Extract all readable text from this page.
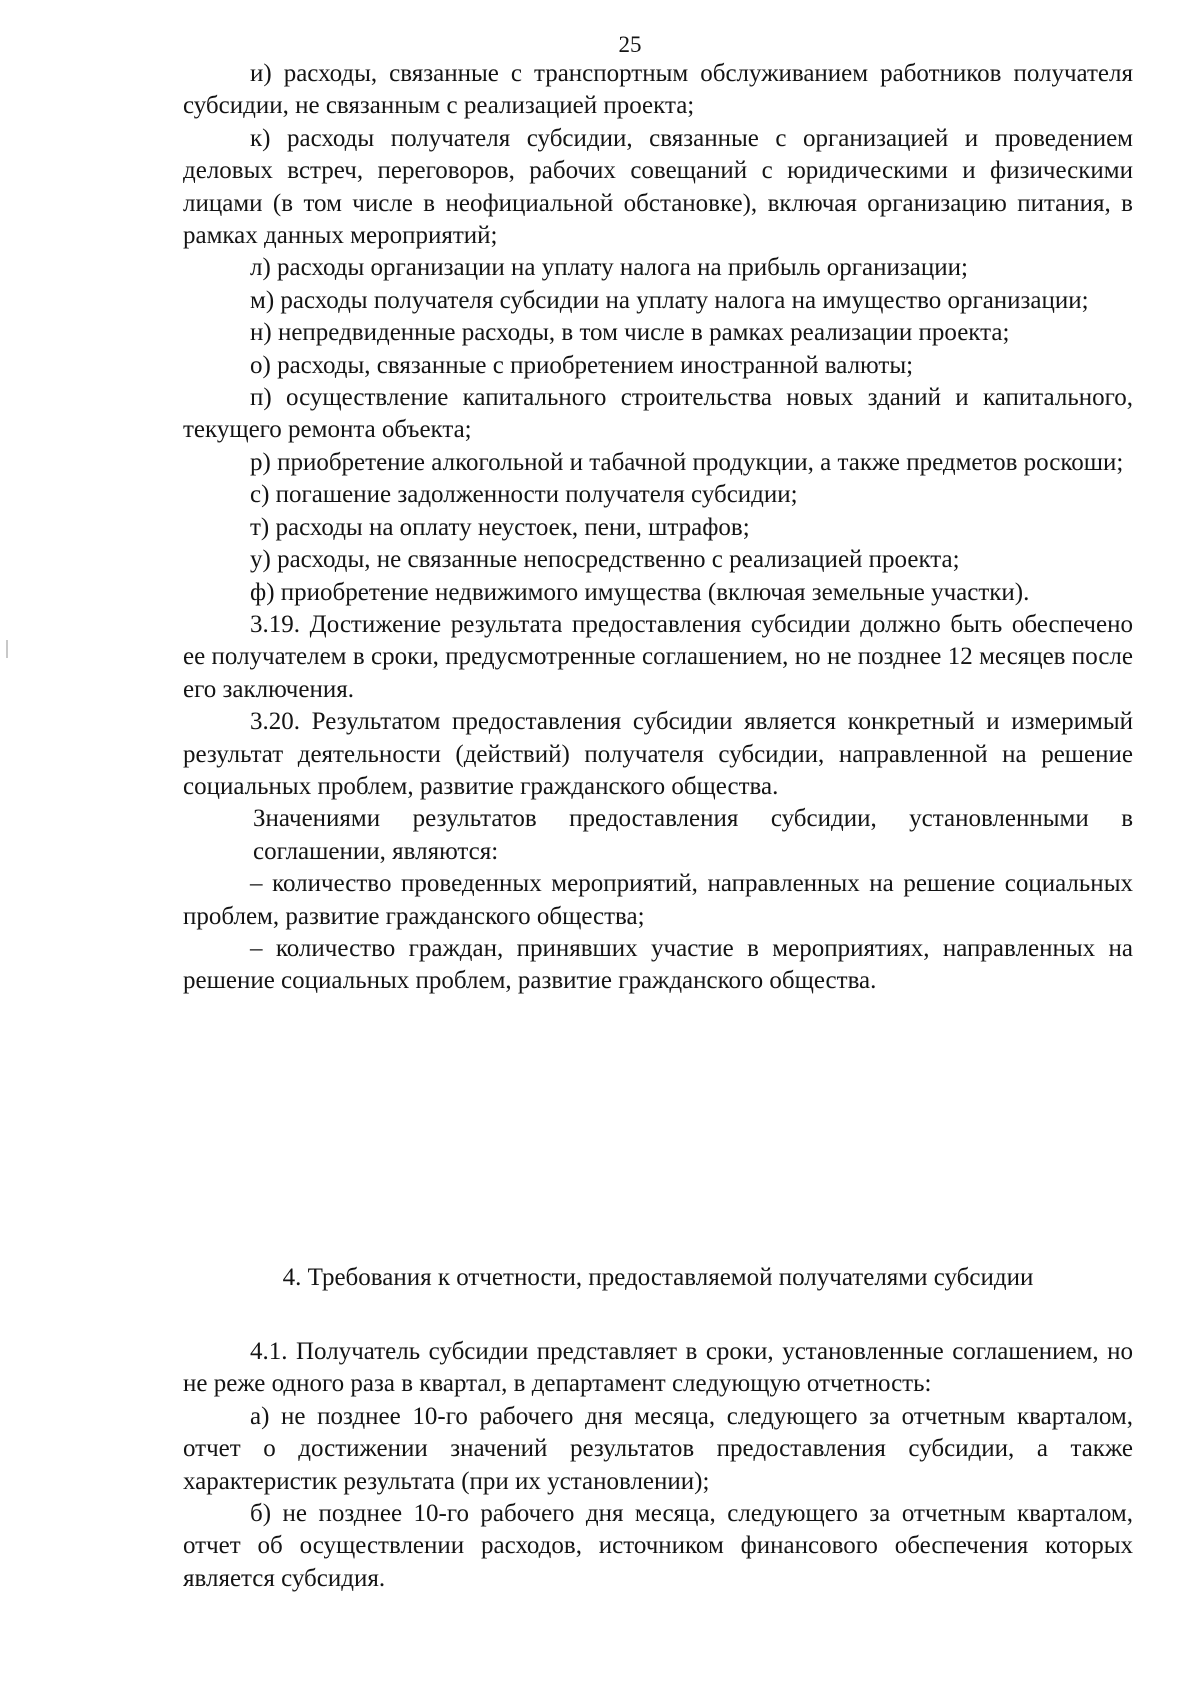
25

и) расходы, связанные с транспортным обслуживанием работников получателя субсидии, не связанным с реализацией проекта;

к) расходы получателя субсидии, связанные с организацией и проведением деловых встреч, переговоров, рабочих совещаний с юридическими и физическими лицами (в том числе в неофициальной обстановке), включая организацию питания, в рамках данных мероприятий;

л) расходы организации на уплату налога на прибыль организации;

м) расходы получателя субсидии на уплату налога на имущество организации;

н) непредвиденные расходы, в том числе в рамках реализации проекта;

о) расходы, связанные с приобретением иностранной валюты;

п) осуществление капитального строительства новых зданий и капитального, текущего ремонта объекта;

р) приобретение алкогольной и табачной продукции, а также предметов роскоши;

с) погашение задолженности получателя субсидии;

т) расходы на оплату неустоек, пени, штрафов;

у) расходы, не связанные непосредственно с реализацией проекта;

ф) приобретение недвижимого имущества (включая земельные участки).

3.19. Достижение результата предоставления субсидии должно быть обеспечено ее получателем в сроки, предусмотренные соглашением, но не позднее 12 месяцев после его заключения.

3.20. Результатом предоставления субсидии является конкретный и измеримый результат деятельности (действий) получателя субсидии, направленной на решение социальных проблем, развитие гражданского общества.

Значениями результатов предоставления субсидии, установленными в соглашении, являются:

– количество проведенных мероприятий, направленных на решение социальных проблем, развитие гражданского общества;

– количество граждан, принявших участие в мероприятиях, направленных на решение социальных проблем, развитие гражданского общества.

4. Требования к отчетности, предоставляемой получателями субсидии

4.1. Получатель субсидии представляет в сроки, установленные соглашением, но не реже одного раза в квартал, в департамент следующую отчетность:

а) не позднее 10-го рабочего дня месяца, следующего за отчетным кварталом, отчет о достижении значений результатов предоставления субсидии, а также характеристик результата (при их установлении);

б) не позднее 10-го рабочего дня месяца, следующего за отчетным кварталом, отчет об осуществлении расходов, источником финансового обеспечения которых является субсидия.
